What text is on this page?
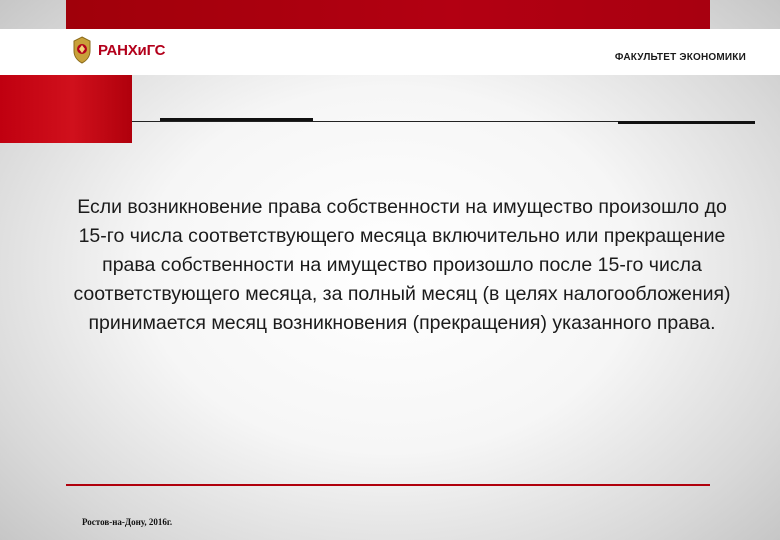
РАНХиГС	ФАКУЛЬТЕТ ЭКОНОМИКИ
Если возникновение права собственности на имущество произошло до 15-го числа соответствующего месяца включительно или прекращение права собственности на имущество произошло после 15-го числа соответствующего месяца, за полный месяц (в целях налогообложения) принимается месяц возникновения (прекращения) указанного права.
Ростов-на-Дону, 2016г.
